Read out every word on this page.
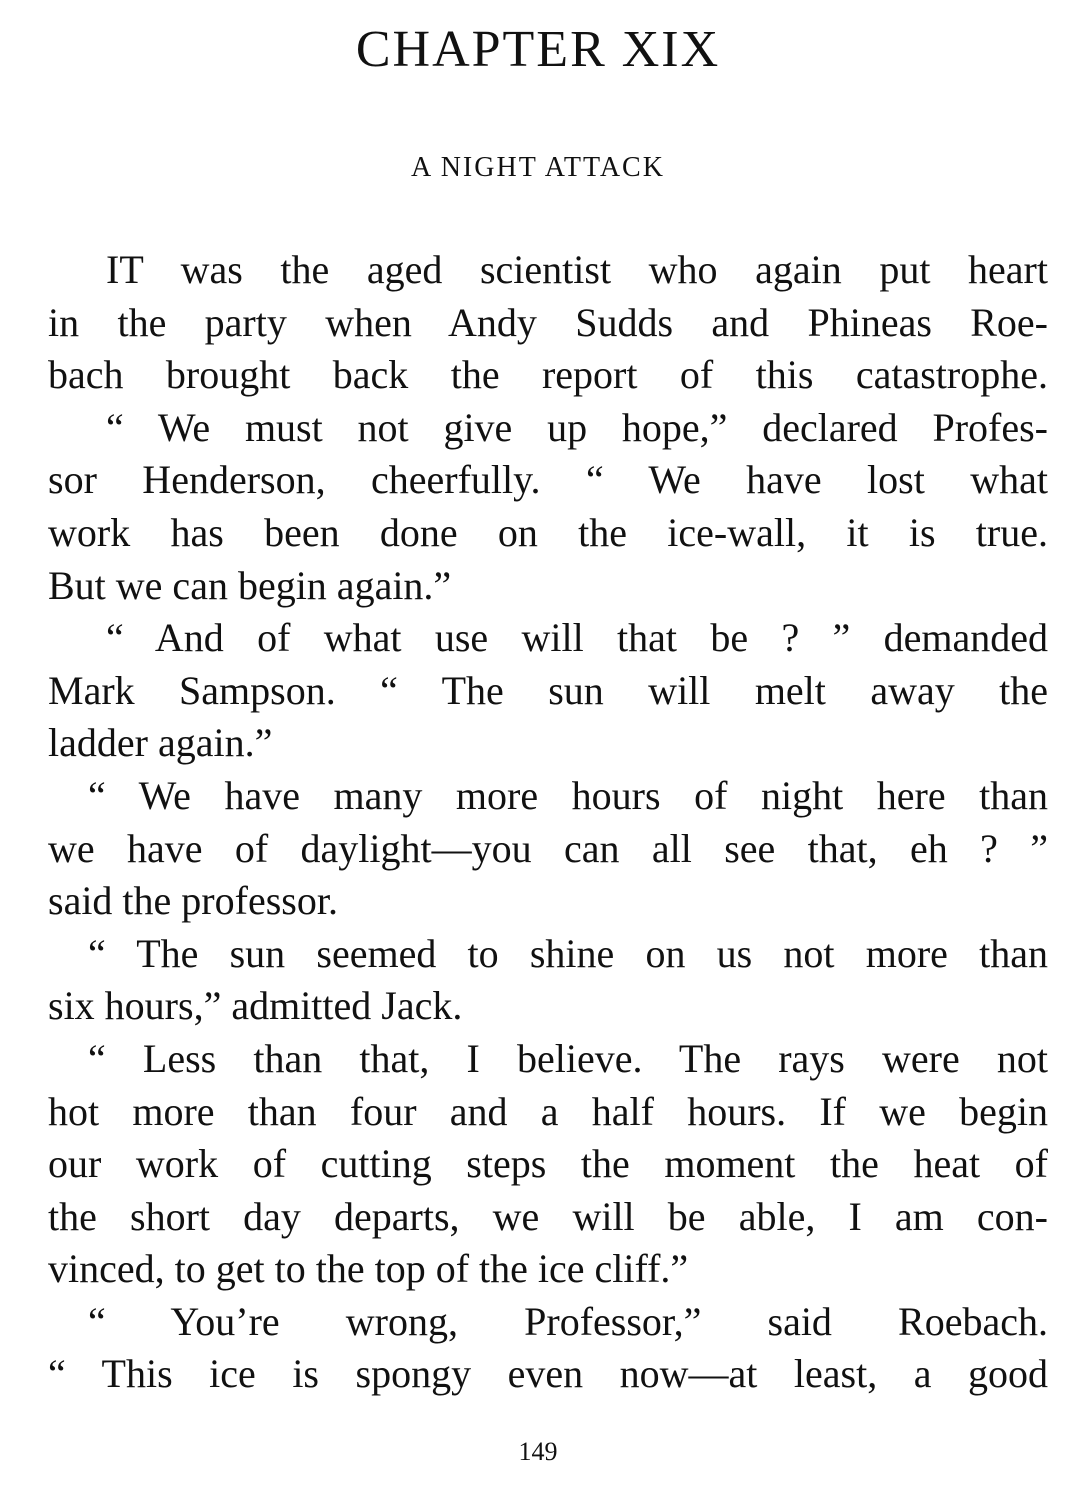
CHAPTER XIX
A NIGHT ATTACK
IT was the aged scientist who again put heart
in the party when Andy Sudds and Phineas Roe-
bach brought back the report of this catastrophe.
“ We must not give up hope,” declared Profes-
sor Henderson, cheerfully. “ We have lost what
work has been done on the ice-wall, it is true.
But we can begin again.”
“ And of what use will that be ? ” demanded
Mark Sampson. “ The sun will melt away the
ladder again.”
“ We have many more hours of night here than
we have of daylight—you can all see that, eh ? ”
said the professor.
“ The sun seemed to shine on us not more than
six hours,” admitted Jack.
“ Less than that, I believe. The rays were not
hot more than four and a half hours. If we begin
our work of cutting steps the moment the heat of
the short day departs, we will be able, I am con-
vinced, to get to the top of the ice cliff.”
“ You’re wrong, Professor,” said Roebach.
“ This ice is spongy even now—at least, a good
149
